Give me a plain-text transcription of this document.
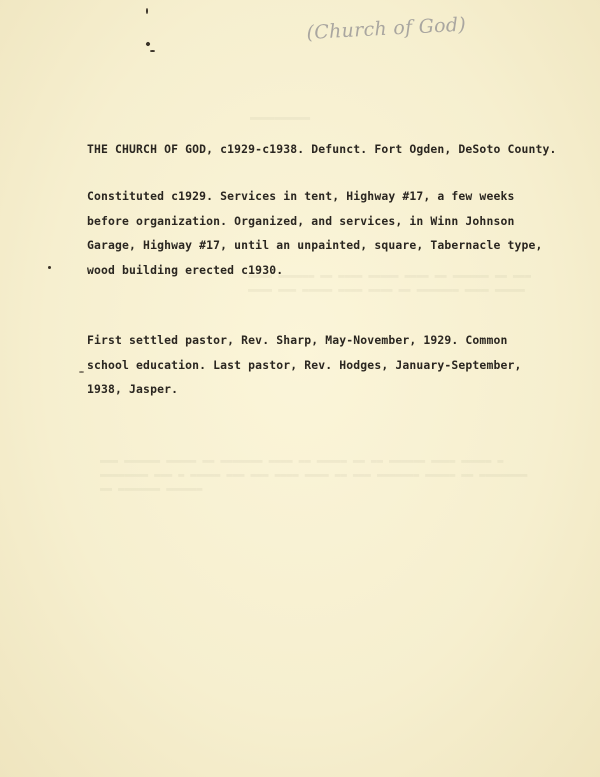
▬▬▬▬▬▬▬▬▬▬
▬▬▬▬ ▬▬▬▬▬▬ ▬▬ ▬▬▬▬ ▬▬▬▬▬ ▬▬▬▬ ▬▬ ▬▬▬▬▬▬ ▬▬ ▬▬▬ ▬▬▬▬ ▬▬▬ ▬▬▬▬▬ ▬▬▬▬ ▬▬▬▬ ▬▬ ▬▬▬▬▬▬▬ ▬▬▬▬ ▬▬▬▬▬
▬▬▬ ▬▬▬▬▬▬ ▬▬▬▬▬ ▬▬ ▬▬▬▬▬▬▬ ▬▬▬▬ ▬▬ ▬▬▬▬▬ ▬▬ ▬▬ ▬▬▬▬▬▬ ▬▬▬▬ ▬▬▬▬▬ ▬ ▬▬▬▬▬▬▬▬ ▬▬▬ ▬ ▬▬▬▬▬ ▬▬▬ ▬▬▬ ▬▬▬▬ ▬▬▬▬ ▬▬ ▬▬▬ ▬▬▬▬▬▬▬ ▬▬▬▬▬ ▬▬ ▬▬▬▬▬▬▬▬ ▬▬ ▬▬▬▬▬▬▬ ▬▬▬▬▬▬
(Church of God)
THE CHURCH OF GOD, c1929-c1938. Defunct. Fort Ogden, DeSoto County.
Constituted c1929. Services in tent, Highway #17, a few weeks
before organization. Organized, and services, in Winn Johnson
Garage, Highway #17, until an unpainted, square, Tabernacle type,
wood building erected c1930.
First settled pastor, Rev. Sharp, May-November, 1929. Common
school education. Last pastor, Rev. Hodges, January-September,
1938, Jasper.
